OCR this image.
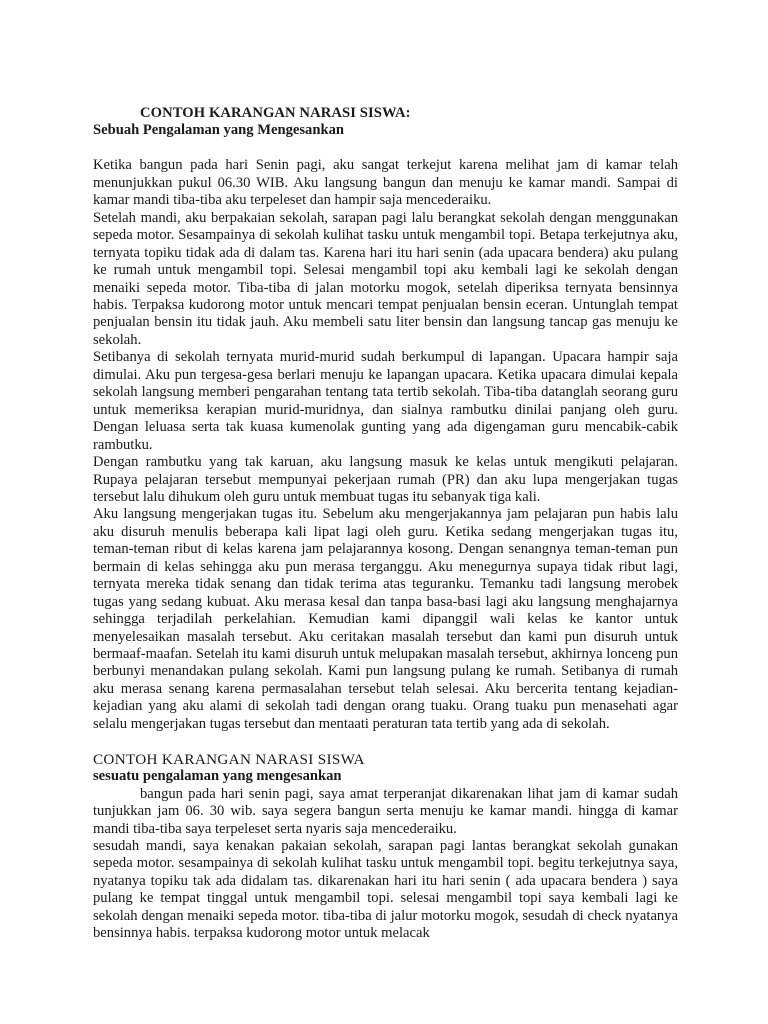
CONTOH KARANGAN NARASI SISWA:
Sebuah Pengalaman yang Mengesankan

Ketika bangun pada hari Senin pagi, aku sangat terkejut karena melihat jam di kamar telah menunjukkan pukul 06.30 WIB. Aku langsung bangun dan menuju ke kamar mandi. Sampai di kamar mandi tiba-tiba aku terpeleset dan hampir saja mencederaiku.

Setelah mandi, aku berpakaian sekolah, sarapan pagi lalu berangkat sekolah dengan menggunakan sepeda motor. Sesampainya di sekolah kulihat tasku untuk mengambil topi. Betapa terkejutnya aku, ternyata topiku tidak ada di dalam tas. Karena hari itu hari senin (ada upacara bendera) aku pulang ke rumah untuk mengambil topi. Selesai mengambil topi aku kembali lagi ke sekolah dengan menaiki sepeda motor. Tiba-tiba di jalan motorku mogok, setelah diperiksa ternyata bensinnya habis. Terpaksa kudorong motor untuk mencari tempat penjualan bensin eceran. Untunglah tempat penjualan bensin itu tidak jauh. Aku membeli satu liter bensin dan langsung tancap gas menuju ke sekolah.

Setibanya di sekolah ternyata murid-murid sudah berkumpul di lapangan. Upacara hampir saja dimulai. Aku pun tergesa-gesa berlari menuju ke lapangan upacara. Ketika upacara dimulai kepala sekolah langsung memberi pengarahan tentang tata tertib sekolah. Tiba-tiba datanglah seorang guru untuk memeriksa kerapian murid-muridnya, dan sialnya rambutku dinilai panjang oleh guru. Dengan leluasa serta tak kuasa kumenolak gunting yang ada digengaman guru mencabik-cabik rambutku.

Dengan rambutku yang tak karuan, aku langsung masuk ke kelas untuk mengikuti pelajaran. Rupaya pelajaran tersebut mempunyai pekerjaan rumah (PR) dan aku lupa mengerjakan tugas tersebut lalu dihukum oleh guru untuk membuat tugas itu sebanyak tiga kali.

Aku langsung mengerjakan tugas itu. Sebelum aku mengerjakannya jam pelajaran pun habis lalu aku disuruh menulis beberapa kali lipat lagi oleh guru. Ketika sedang mengerjakan tugas itu, teman-teman ribut di kelas karena jam pelajarannya kosong. Dengan senangnya teman-teman pun bermain di kelas sehingga aku pun merasa terganggu. Aku menegurnya supaya tidak ribut lagi, ternyata mereka tidak senang dan tidak terima atas teguranku. Temanku tadi langsung merobek tugas yang sedang kubuat. Aku merasa kesal dan tanpa basa-basi lagi aku langsung menghajarnya sehingga terjadilah perkelahian. Kemudian kami dipanggil wali kelas ke kantor untuk menyelesaikan masalah tersebut. Aku ceritakan masalah tersebut dan kami pun disuruh untuk bermaaf-maafan. Setelah itu kami disuruh untuk melupakan masalah tersebut, akhirnya lonceng pun berbunyi menandakan pulang sekolah. Kami pun langsung pulang ke rumah. Setibanya di rumah aku merasa senang karena permasalahan tersebut telah selesai. Aku bercerita tentang kejadian-kejadian yang aku alami di sekolah tadi dengan orang tuaku. Orang tuaku pun menasehati agar selalu mengerjakan tugas tersebut dan mentaati peraturan tata tertib yang ada di sekolah.

CONTOH KARANGAN NARASI SISWA
sesuatu pengalaman yang mengesankan

bangun pada hari senin pagi, saya amat terperanjat dikarenakan lihat jam di kamar sudah tunjukkan jam 06. 30 wib. saya segera bangun serta menuju ke kamar mandi. hingga di kamar mandi tiba-tiba saya terpeleset serta nyaris saja mencederaiku.

sesudah mandi, saya kenakan pakaian sekolah, sarapan pagi lantas berangkat sekolah gunakan sepeda motor. sesampainya di sekolah kulihat tasku untuk mengambil topi. begitu terkejutnya saya, nyatanya topiku tak ada didalam tas. dikarenakan hari itu hari senin ( ada upacara bendera ) saya pulang ke tempat tinggal untuk mengambil topi. selesai mengambil topi saya kembali lagi ke sekolah dengan menaiki sepeda motor. tiba-tiba di jalur motorku mogok, sesudah di check nyatanya bensinnya habis. terpaksa kudorong motor untuk melacak
